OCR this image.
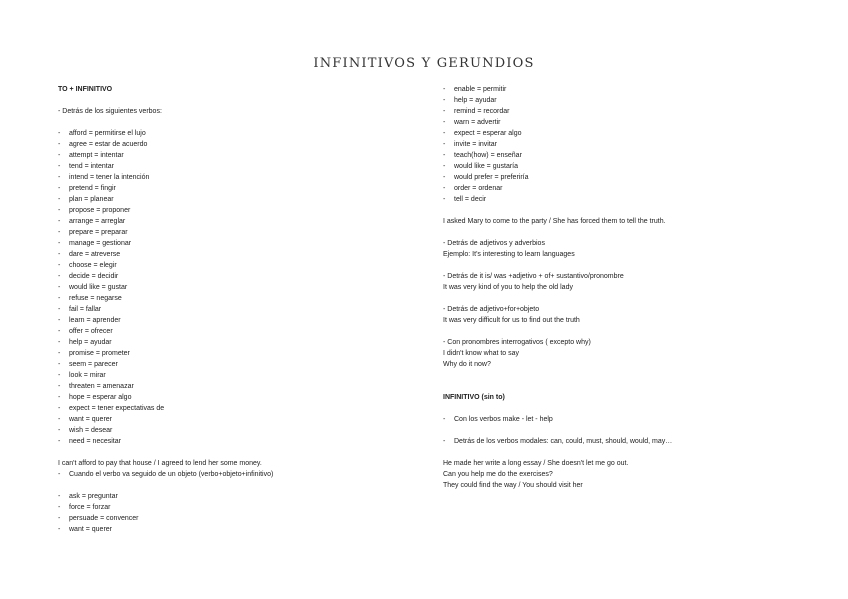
INFINITIVOS Y GERUNDIOS
TO + INFINITIVO
- Detrás de los siguientes verbos:
- afford = permitirse el lujo
- agree = estar de acuerdo
- attempt = intentar
- tend = intentar
- intend = tener la intención
- pretend = fingir
- plan = planear
- propose = proponer
- arrange = arreglar
- prepare = preparar
- manage = gestionar
- dare = atreverse
- choose = elegir
- decide = decidir
- would like = gustar
- refuse = negarse
- fail = fallar
- learn = aprender
- offer = ofrecer
- help = ayudar
- promise = prometer
- seem = parecer
- look = mirar
- threaten = amenazar
- hope = esperar algo
- expect = tener expectativas de
- want = querer
- wish = desear
- need = necesitar
I can't afford to pay that house / I agreed to lend her some money.
- Cuando el verbo va seguido de un objeto (verbo+objeto+infinitivo)
- ask = preguntar
- force = forzar
- persuade = convencer
- want = querer
- enable = permitir
- help = ayudar
- remind = recordar
- warn = advertir
- expect = esperar algo
- invite = invitar
- teach(how) = enseñar
- would like = gustaría
- would prefer = preferiría
- order = ordenar
- tell = decir
I asked Mary to come to the party / She has forced them to tell the truth.
- Detrás de adjetivos y adverbios
Ejemplo: It's interesting to learn languages
- Detrás de it is/ was +adjetivo + of+ sustantivo/pronombre
It was very kind of you to help the old lady
- Detrás de adjetivo+for+objeto
It was very difficult for us to find out the truth
- Con pronombres interrogativos ( excepto why)
I didn't know what to say
Why do it now?
INFINITIVO (sin to)
- Con los verbos make - let - help
- Detrás de los verbos modales: can, could, must, should, would, may…
He made her write a long essay / She doesn't let me go out.
Can you help me do the exercises?
They could find the way / You should visit her
